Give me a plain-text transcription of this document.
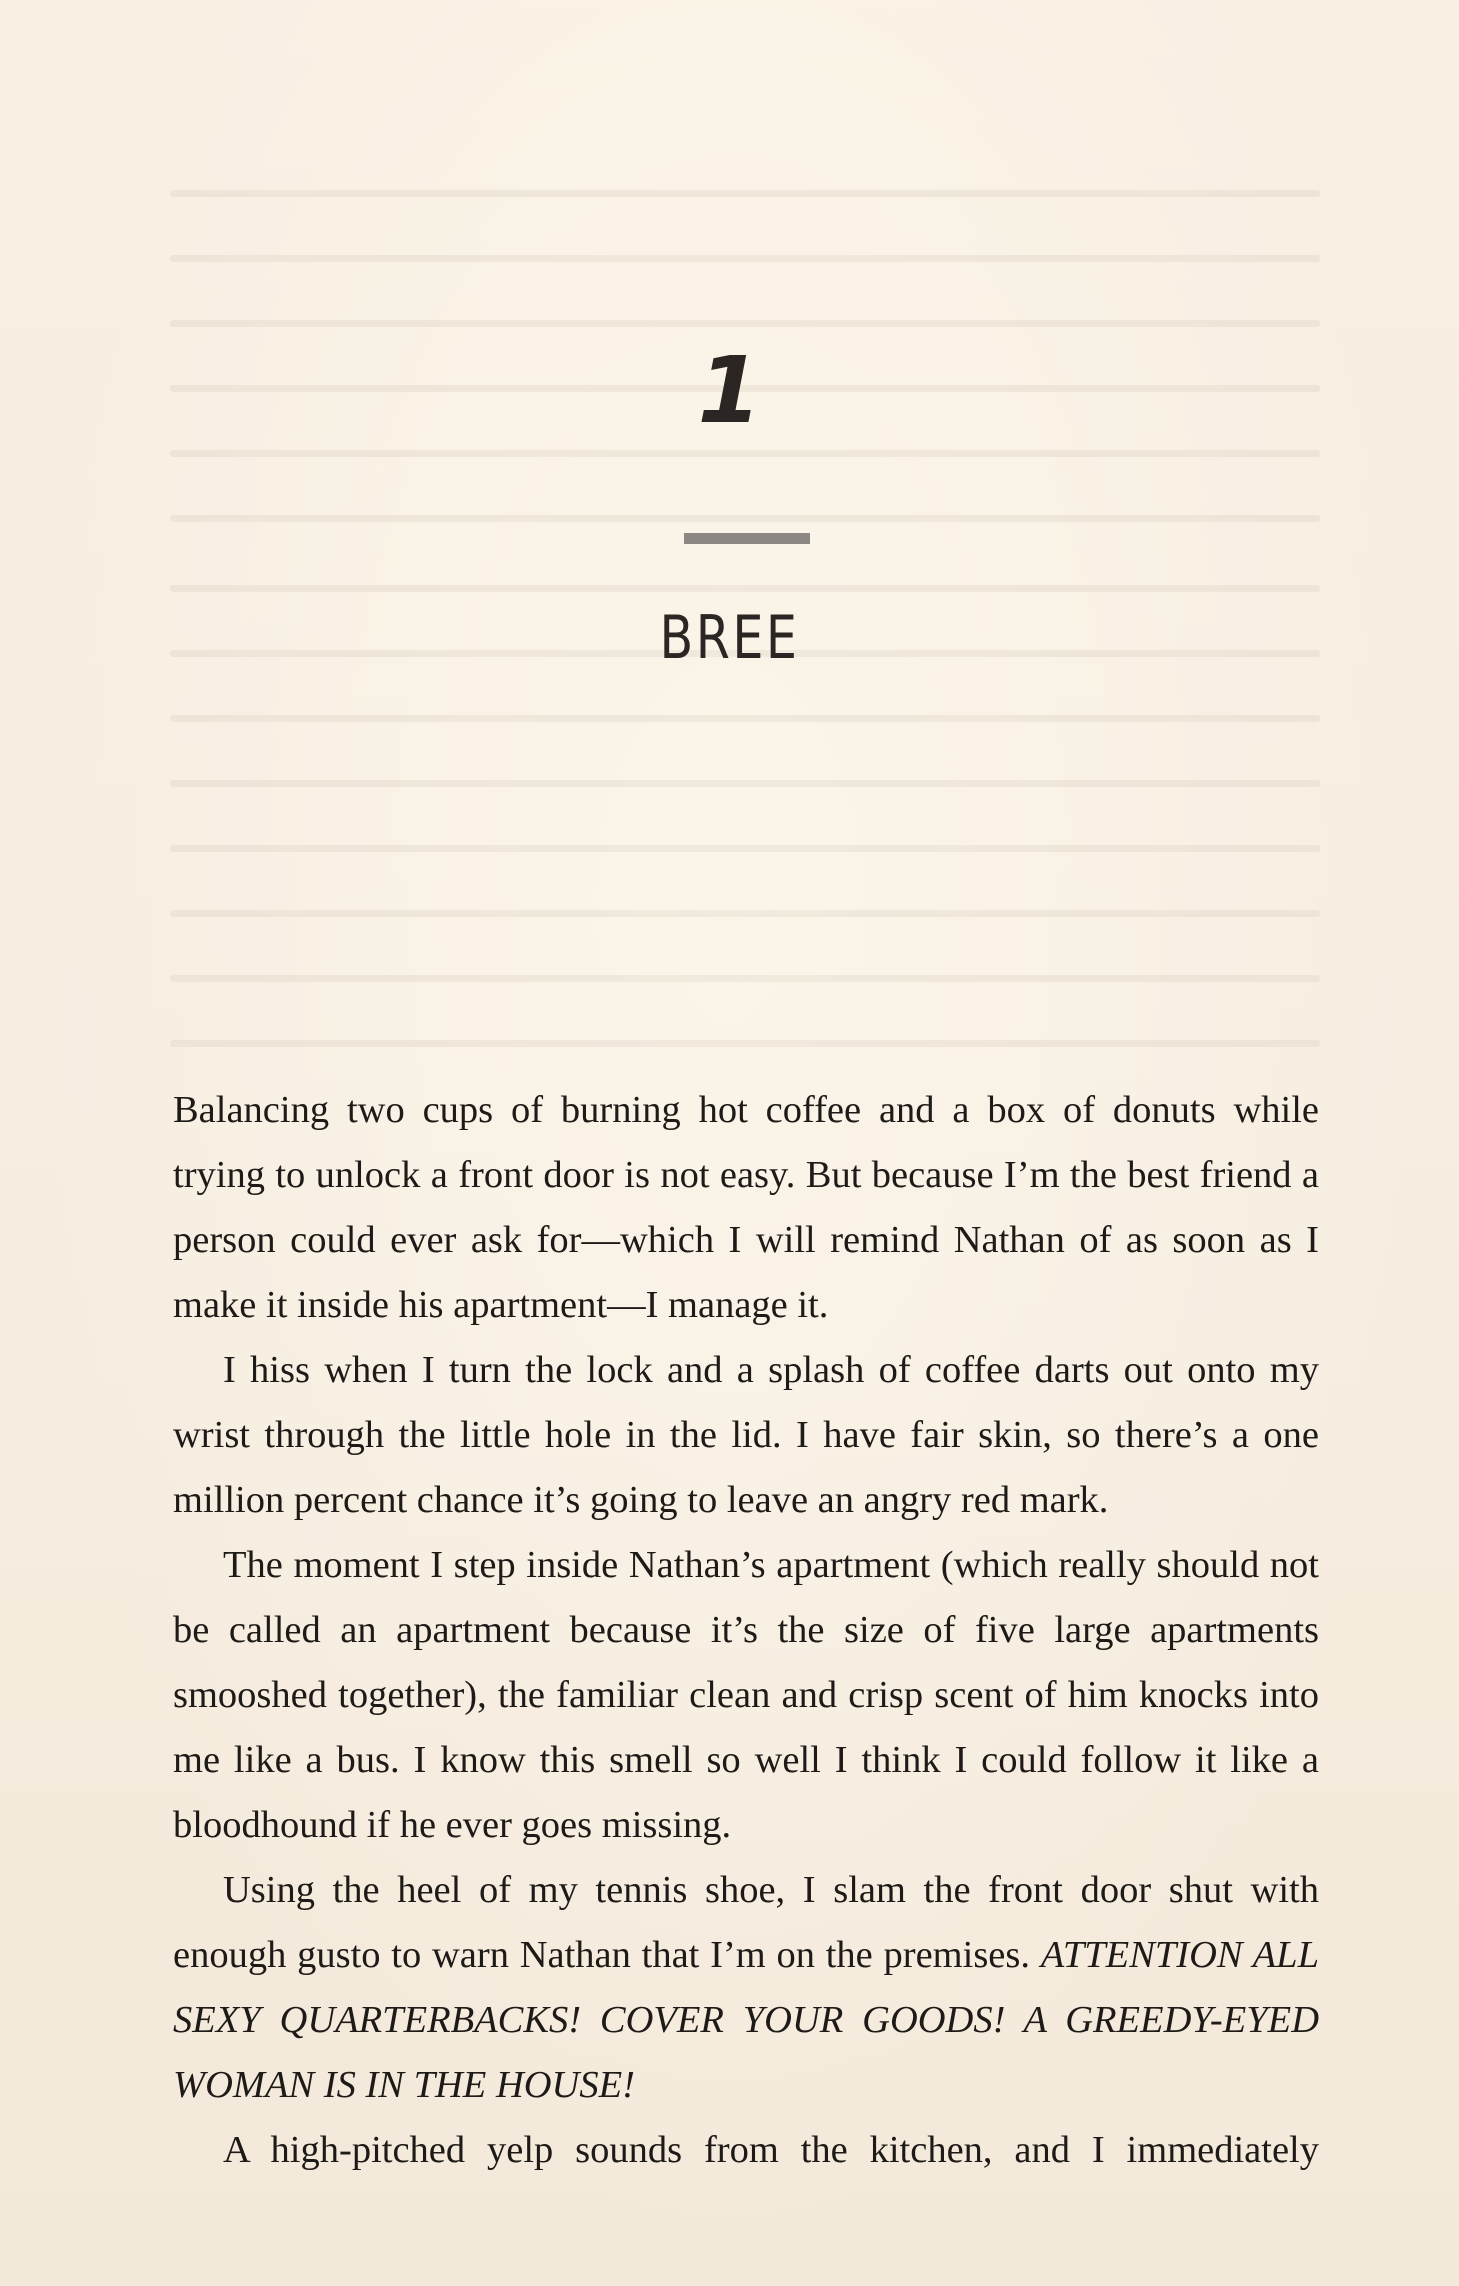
1
BREE

Balancing two cups of burning hot coffee and a box of donuts while trying to unlock a front door is not easy. But because I’m the best friend a person could ever ask for—which I will remind Nathan of as soon as I make it inside his apartment—I manage it.

I hiss when I turn the lock and a splash of coffee darts out onto my wrist through the little hole in the lid. I have fair skin, so there’s a one million percent chance it’s going to leave an angry red mark.

The moment I step inside Nathan’s apartment (which really should not be called an apartment because it’s the size of five large apartments smooshed together), the familiar clean and crisp scent of him knocks into me like a bus. I know this smell so well I think I could follow it like a bloodhound if he ever goes missing.

Using the heel of my tennis shoe, I slam the front door shut with enough gusto to warn Nathan that I’m on the premises. ATTENTION ALL SEXY QUARTERBACKS! COVER YOUR GOODS! A GREEDY-EYED WOMAN IS IN THE HOUSE!

A high-pitched yelp sounds from the kitchen, and I immediately
